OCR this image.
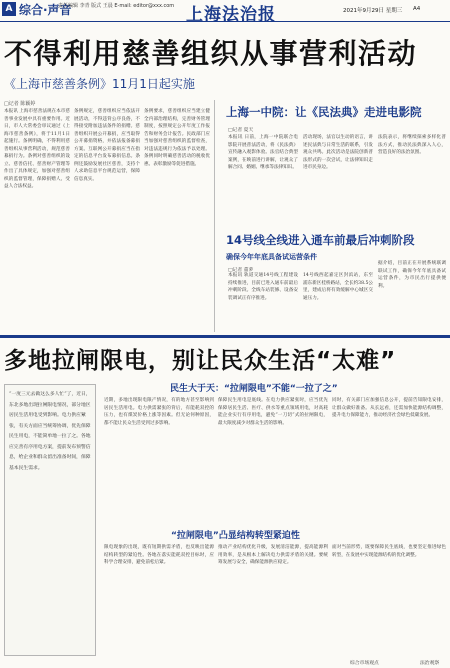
A 综合·声音
责任编辑 李青 版式 王晨 E-mail: editor@xxx.com 上海法治报	2021年9月29日 星期三 A4
不得利用慈善组织从事营利活动
《上海市慈善条例》11月1日起实施
□记者 陈颖婷
本报讯 上海市慈善法规在本市慈善事业发展中具有重要作用。近日，市人大常委会审议通过《上海市慈善条例》，将于11月1日起施行。条例明确，不得利用慈善组织从事营利活动，规范慈善募捐行为。条例对慈善组织的设立、慈善信托、慈善财产管理等作出了具体规定，加强对慈善组织的监督管理，保障捐赠人、受益人合法权益。
条例规定，慈善组织应当依法开展活动，不得违背公序良俗，不得接受附加违法条件的捐赠。慈善组织开展公开募捐，应当取得公开募捐资格，并依法报备募捐方案。互联网公开募捐应当在指定的信息平台发布募捐信息。条例还鼓励发展社区慈善，支持个人求助信息平台规范运营，保障信息真实。
条例要求，慈善组织应当建立健全内部治理结构，完善财务管理制度，按照规定公开年度工作报告和财务会计报告。民政部门应当加强对慈善组织的监督检查，对违法违规行为依法予以处理。条例同时明确慈善活动的税收优惠、表彰激励等促进措施。
上海一中院：让《民法典》走进电影院
□记者 夏天
本报讯 日前，上海一中院联合电影院开展普法活动，将《民法典》宣传融入观影体验。法官结合典型案例，在映前进行讲解，让观众了解合同、婚姻、继承等法律知识。
活动现场，法官以生动的语言，讲述民法典与日常生活的联系，引发观众共鸣。此次活动是法院创新普法形式的一次尝试，让法律知识走进市民身边。
法院表示，将继续探索多样化普法方式，推动民法典深入人心，营造良好的法治氛围。
14号线全线进入通车前最后冲刺阶段
确保今年年底具备试运营条件
□记者 董萝
本报讯 轨道交通14号线工程建设持续推进，目前已进入通车前最后冲刺阶段。全线车站装修、设备安装调试正有序推进。
14号线西起嘉定区封浜站，东至浦东新区桂桥路站，全长约38.5公里，建成后将有效缓解中心城区交通压力。
据介绍，目前正在开展系统联调联试工作，确保今年年底具备试运营条件，为市民出行提供便利。
多地拉闸限电，别让民众生活“太难”
“一度三元去做这么多人忙”了，近日，东北多地出现拉闸限电情况，部分地区居民生活用电受到影响。电力供应紧张，有关方面应当统筹协调，优先保障民生用电，不能简单地一拉了之。各地应完善有序用电方案，提前发布预警信息，给企业和群众留出准备时间，保障基本民生需求。
民生大于天：“拉闸限电”不能“一拉了之”
近期，多地出现限电限产情况，有的地方甚至影响到居民生活用电。电力供需紧张的背后，有能耗双控的压力，也有煤炭价格上涨等因素。但无论何种原因，都不能让民众生活受到过多影响。
保障民生用电是底线。在电力供应紧张时，应当优先保障居民生活、医疗、供水等重点领域用电，对高耗能企业实行有序用电，避免“一刀切”式的拉闸限电，最大限度减少对群众生活的影响。
同时，有关部门应加强信息公开，提前告知限电安排，让群众做好准备。从长远看，还需加快能源结构调整，提升电力保障能力，推动经济社会绿色低碳发展。
“拉闸限电”凸显结构转型紧迫性
限电现象的出现，既有短期供需矛盾，也反映出能源结构转型的紧迫性。各地在落实能耗双控目标时，应科学合理安排，避免前松后紧。
推动产业结构优化升级，发展清洁能源，提高能源利用效率，是从根本上解决电力供需矛盾的关键。要统筹发展与安全，确保能源供应稳定。
面对当前形势，既要保障民生底线，也要坚定推进绿色转型，在发展中实现能源结构的优化调整。
综合市场观点	法治观察
